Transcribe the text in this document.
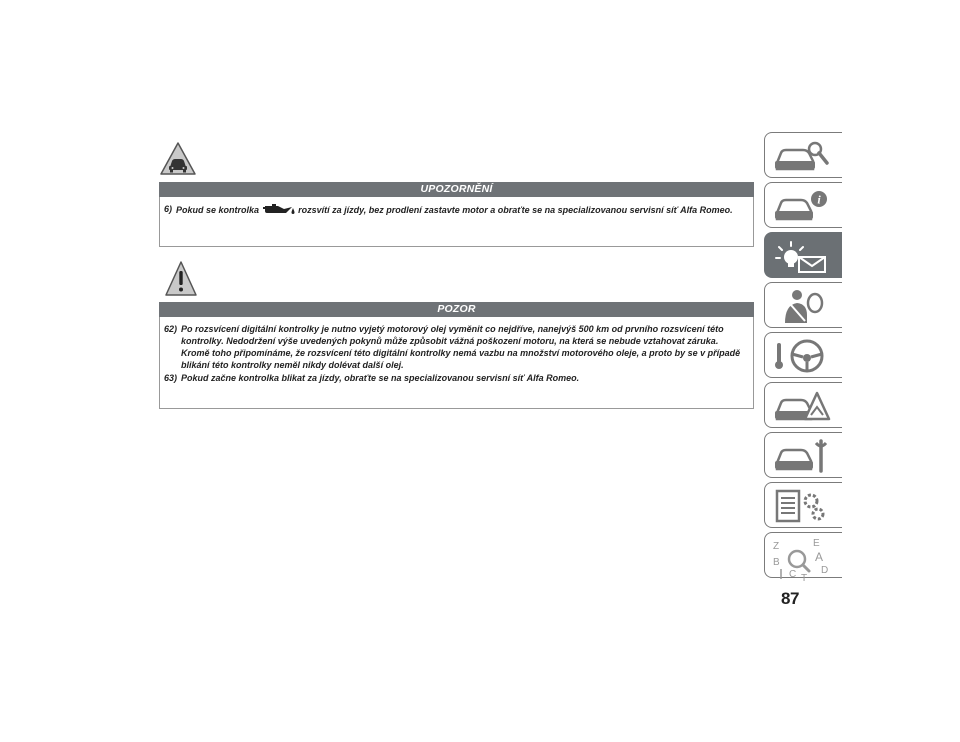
UPOZORNĚNÍ
6) Pokud se kontrolka	rozsvítí za jízdy, bez prodlení zastavte motor a obraťte se na specializovanou servisní síť Alfa Romeo.
POZOR
62) Po rozsvícení digitální kontrolky je nutno vyjetý motorový olej vyměnit co nejdříve, nanejvýš 500 km od prvního rozsvícení této kontrolky. Nedodržení výše uvedených pokynů může způsobit vážná poškození motoru, na která se nebude vztahovat záruka. Kromě toho připomínáme, že rozsvícení této digitální kontrolky nemá vazbu na množství motorového oleje, a proto by se v případě blikání této kontrolky neměl nikdy dolévat další olej.
63) Pokud začne kontrolka blikat za jízdy, obraťte se na specializovanou servisní síť Alfa Romeo.
i
Z	E
B	A
D
C T
87
